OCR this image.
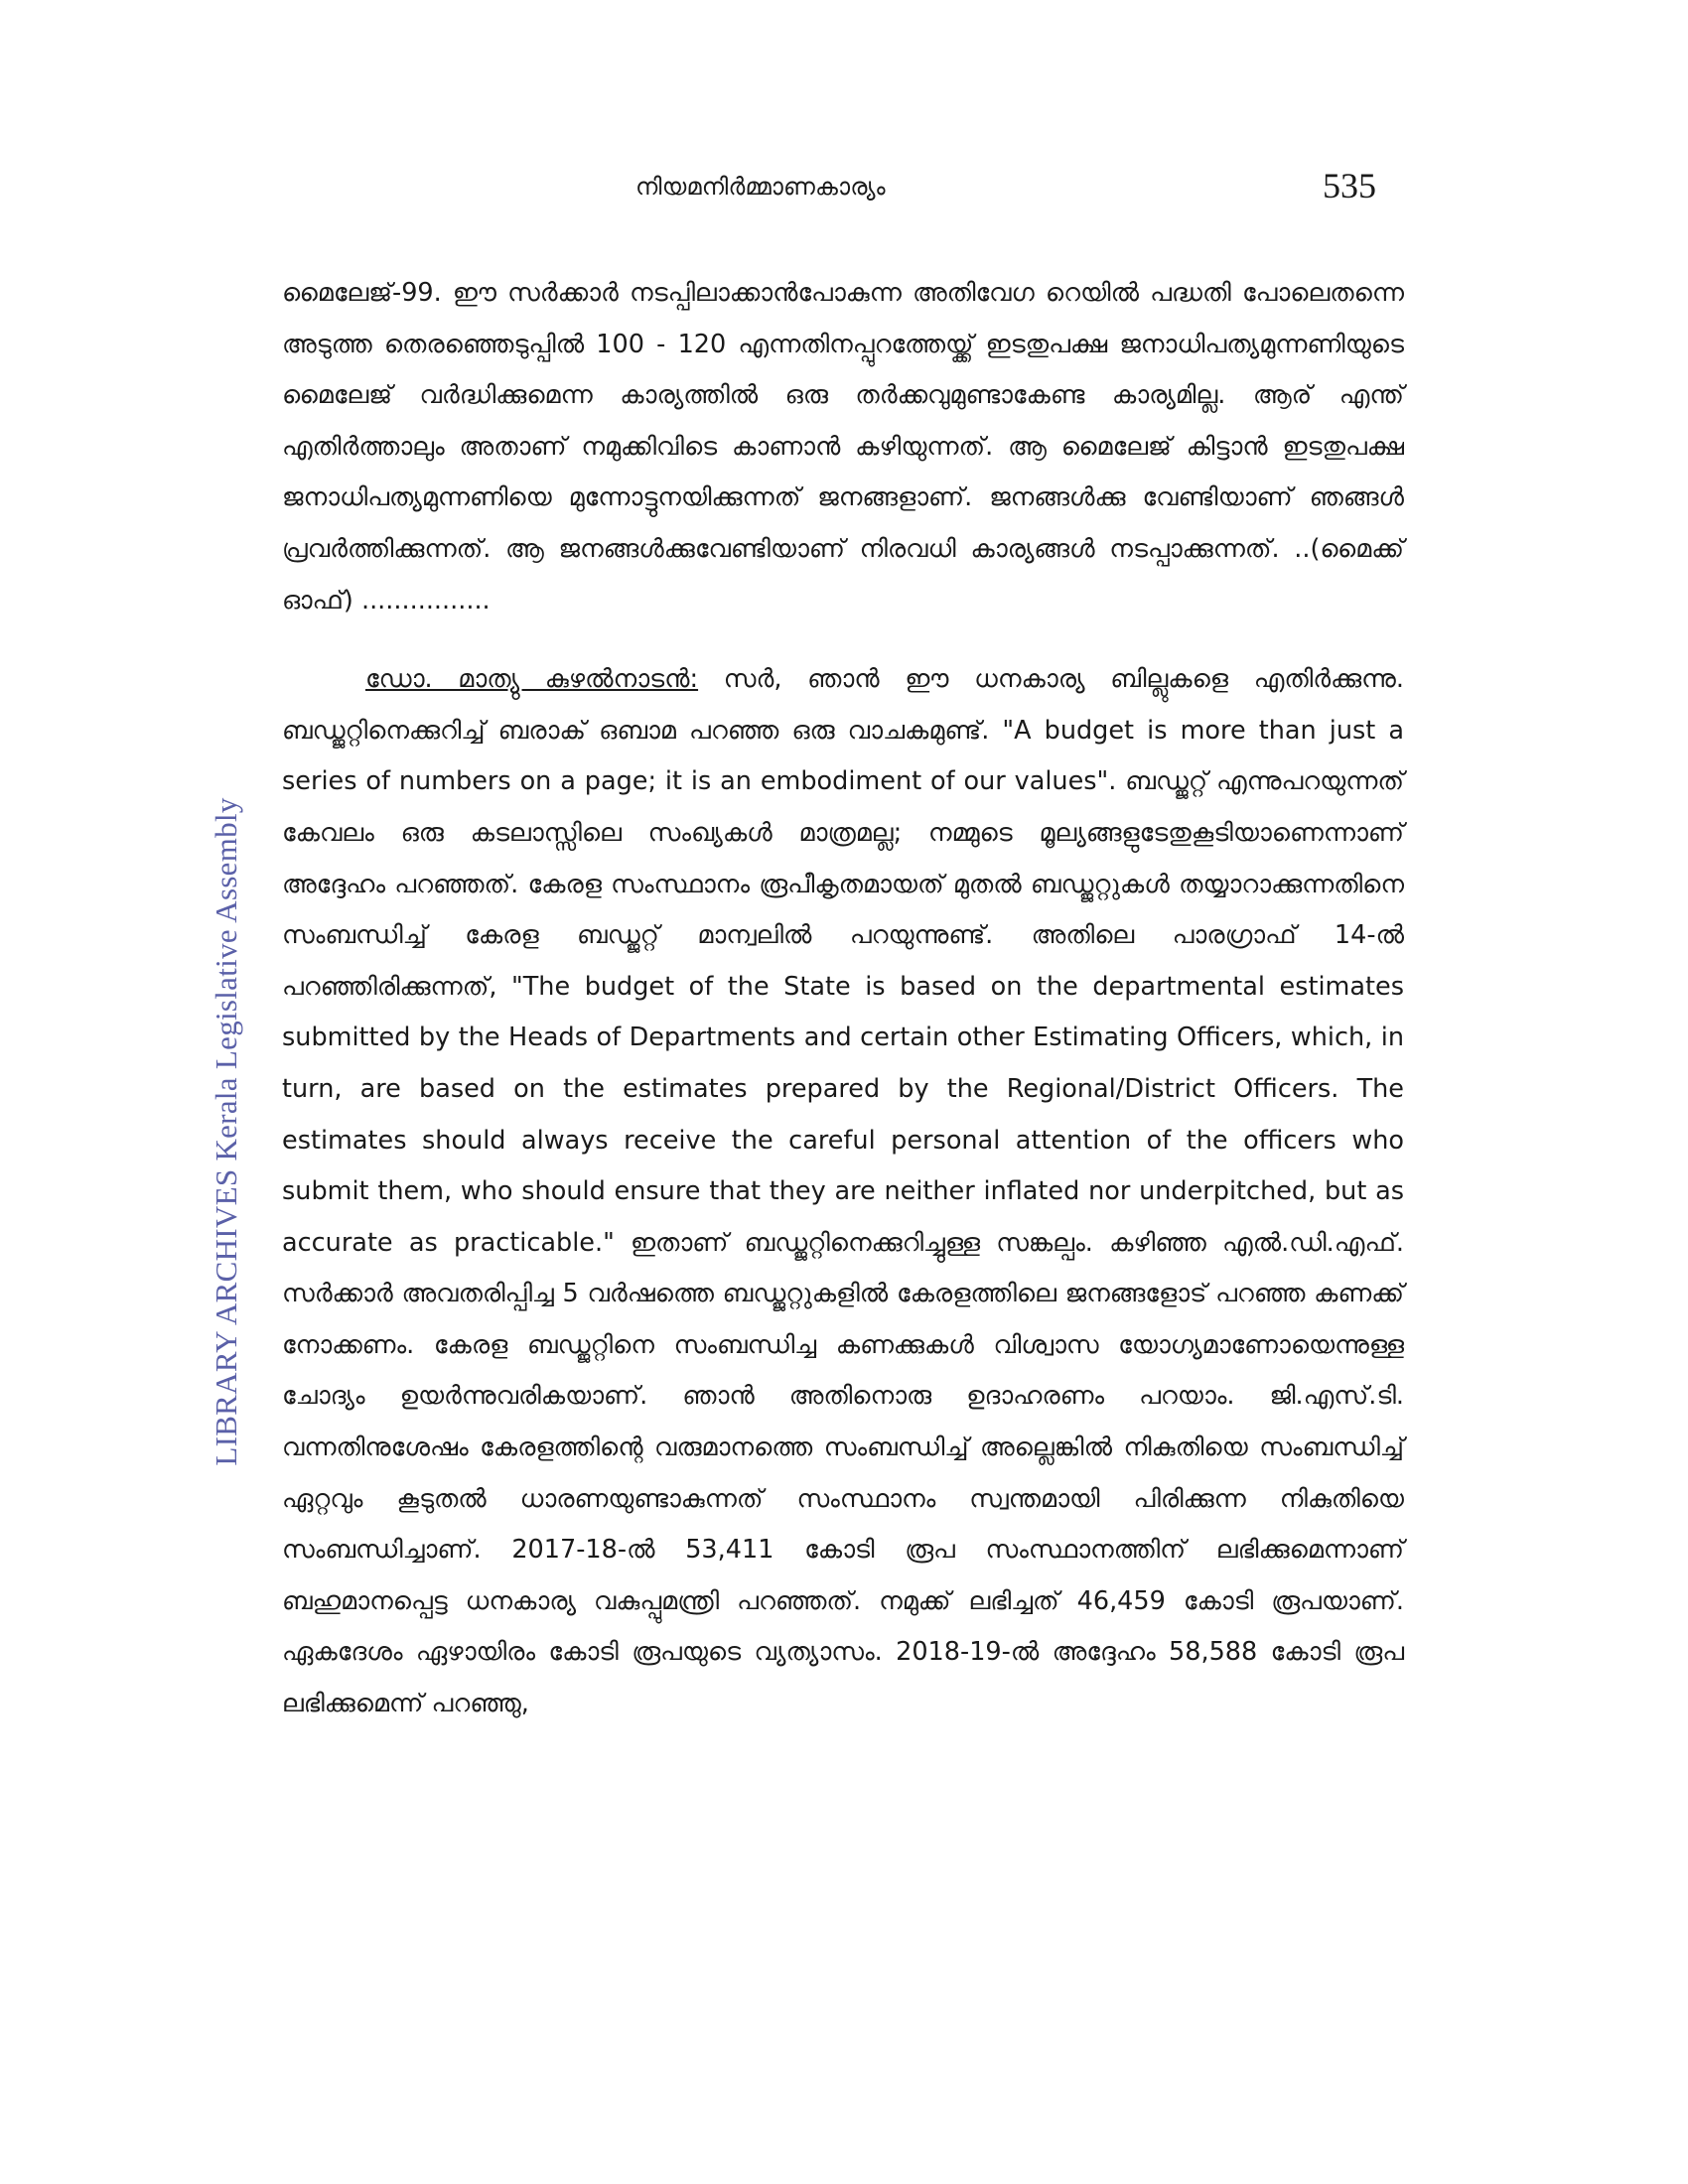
നിയമനിർമ്മാണകാര്യം	535
LIBRARY ARCHIVES Kerala Legislative Assembly

മൈലേജ്-99. ഈ സർക്കാർ നടപ്പിലാക്കാൻപോകുന്ന അതിവേഗ റെയിൽ പദ്ധതി പോലെതന്നെ അടുത്ത തെരഞ്ഞെടുപ്പിൽ 100 - 120 എന്നതിനപ്പുറത്തേയ്ക്ക് ഇടതുപക്ഷ ജനാധിപത്യമുന്നണിയുടെ മൈലേജ് വർദ്ധിക്കുമെന്ന കാര്യത്തിൽ ഒരു തർക്കവുമുണ്ടാകേണ്ട കാര്യമില്ല. ആര് എന്ത് എതിർത്താലും അതാണ് നമുക്കിവിടെ കാണാൻ കഴിയുന്നത്. ആ മൈലേജ് കിട്ടാൻ ഇടതുപക്ഷ ജനാധിപത്യമുന്നണിയെ മുന്നോട്ടുനയിക്കുന്നത് ജനങ്ങളാണ്. ജനങ്ങൾക്കു വേണ്ടിയാണ് ഞങ്ങൾ പ്രവർത്തിക്കുന്നത്. ആ ജനങ്ങൾക്കുവേണ്ടിയാണ് നിരവധി കാര്യങ്ങൾ നടപ്പാക്കുന്നത്. ..(മൈക്ക് ഓഫ്) ................

ഡോ. മാത്യു കുഴൽനാടൻ: സർ, ഞാൻ ഈ ധനകാര്യ ബില്ലുകളെ എതിർക്കുന്നു. ബഡ്ജറ്റിനെക്കുറിച്ച് ബരാക് ഒബാമ പറഞ്ഞ ഒരു വാചകമുണ്ട്. "A budget is more than just a series of numbers on a page; it is an embodiment of our values". ബഡ്ജറ്റ് എന്നുപറയുന്നത് കേവലം ഒരു കടലാസ്സിലെ സംഖ്യകൾ മാത്രമല്ല; നമ്മുടെ മൂല്യങ്ങളുടേതുകൂടിയാണെന്നാണ് അദ്ദേഹം പറഞ്ഞത്. കേരള സംസ്ഥാനം രൂപീകൃതമായത് മുതൽ ബഡ്ജറ്റുകൾ തയ്യാറാക്കുന്നതിനെ സംബന്ധിച്ച് കേരള ബഡ്ജറ്റ് മാന്വലിൽ പറയുന്നുണ്ട്. അതിലെ പാരഗ്രാഫ് 14-ൽ പറഞ്ഞിരിക്കുന്നത്, "The budget of the State is based on the departmental estimates submitted by the Heads of Departments and certain other Estimating Officers, which, in turn, are based on the estimates prepared by the Regional/District Officers. The estimates should always receive the careful personal attention of the officers who submit them, who should ensure that they are neither inflated nor underpitched, but as accurate as practicable." ഇതാണ് ബഡ്ജറ്റിനെക്കുറിച്ചുള്ള സങ്കല്പം. കഴിഞ്ഞ എൽ.ഡി.എഫ്. സർക്കാർ അവതരിപ്പിച്ച 5 വർഷത്തെ ബഡ്ജറ്റുകളിൽ കേരളത്തിലെ ജനങ്ങളോട് പറഞ്ഞ കണക്ക് നോക്കണം. കേരള ബഡ്ജറ്റിനെ സംബന്ധിച്ച കണക്കുകൾ വിശ്വാസ യോഗ്യമാണോയെന്നുള്ള ചോദ്യം ഉയർന്നുവരികയാണ്. ഞാൻ അതിനൊരു ഉദാഹരണം പറയാം. ജി.എസ്.ടി. വന്നതിനുശേഷം കേരളത്തിന്റെ വരുമാനത്തെ സംബന്ധിച്ച് അല്ലെങ്കിൽ നികുതിയെ സംബന്ധിച്ച് ഏറ്റവും കൂടുതൽ ധാരണയുണ്ടാകുന്നത് സംസ്ഥാനം സ്വന്തമായി പിരിക്കുന്ന നികുതിയെ സംബന്ധിച്ചാണ്. 2017-18-ൽ 53,411 കോടി രൂപ സംസ്ഥാനത്തിന് ലഭിക്കുമെന്നാണ് ബഹുമാനപ്പെട്ട ധനകാര്യ വകുപ്പുമന്ത്രി പറഞ്ഞത്. നമുക്ക് ലഭിച്ചത് 46,459 കോടി രൂപയാണ്. ഏകദേശം ഏഴായിരം കോടി രൂപയുടെ വ്യത്യാസം. 2018-19-ൽ അദ്ദേഹം 58,588 കോടി രൂപ ലഭിക്കുമെന്ന് പറഞ്ഞു,
